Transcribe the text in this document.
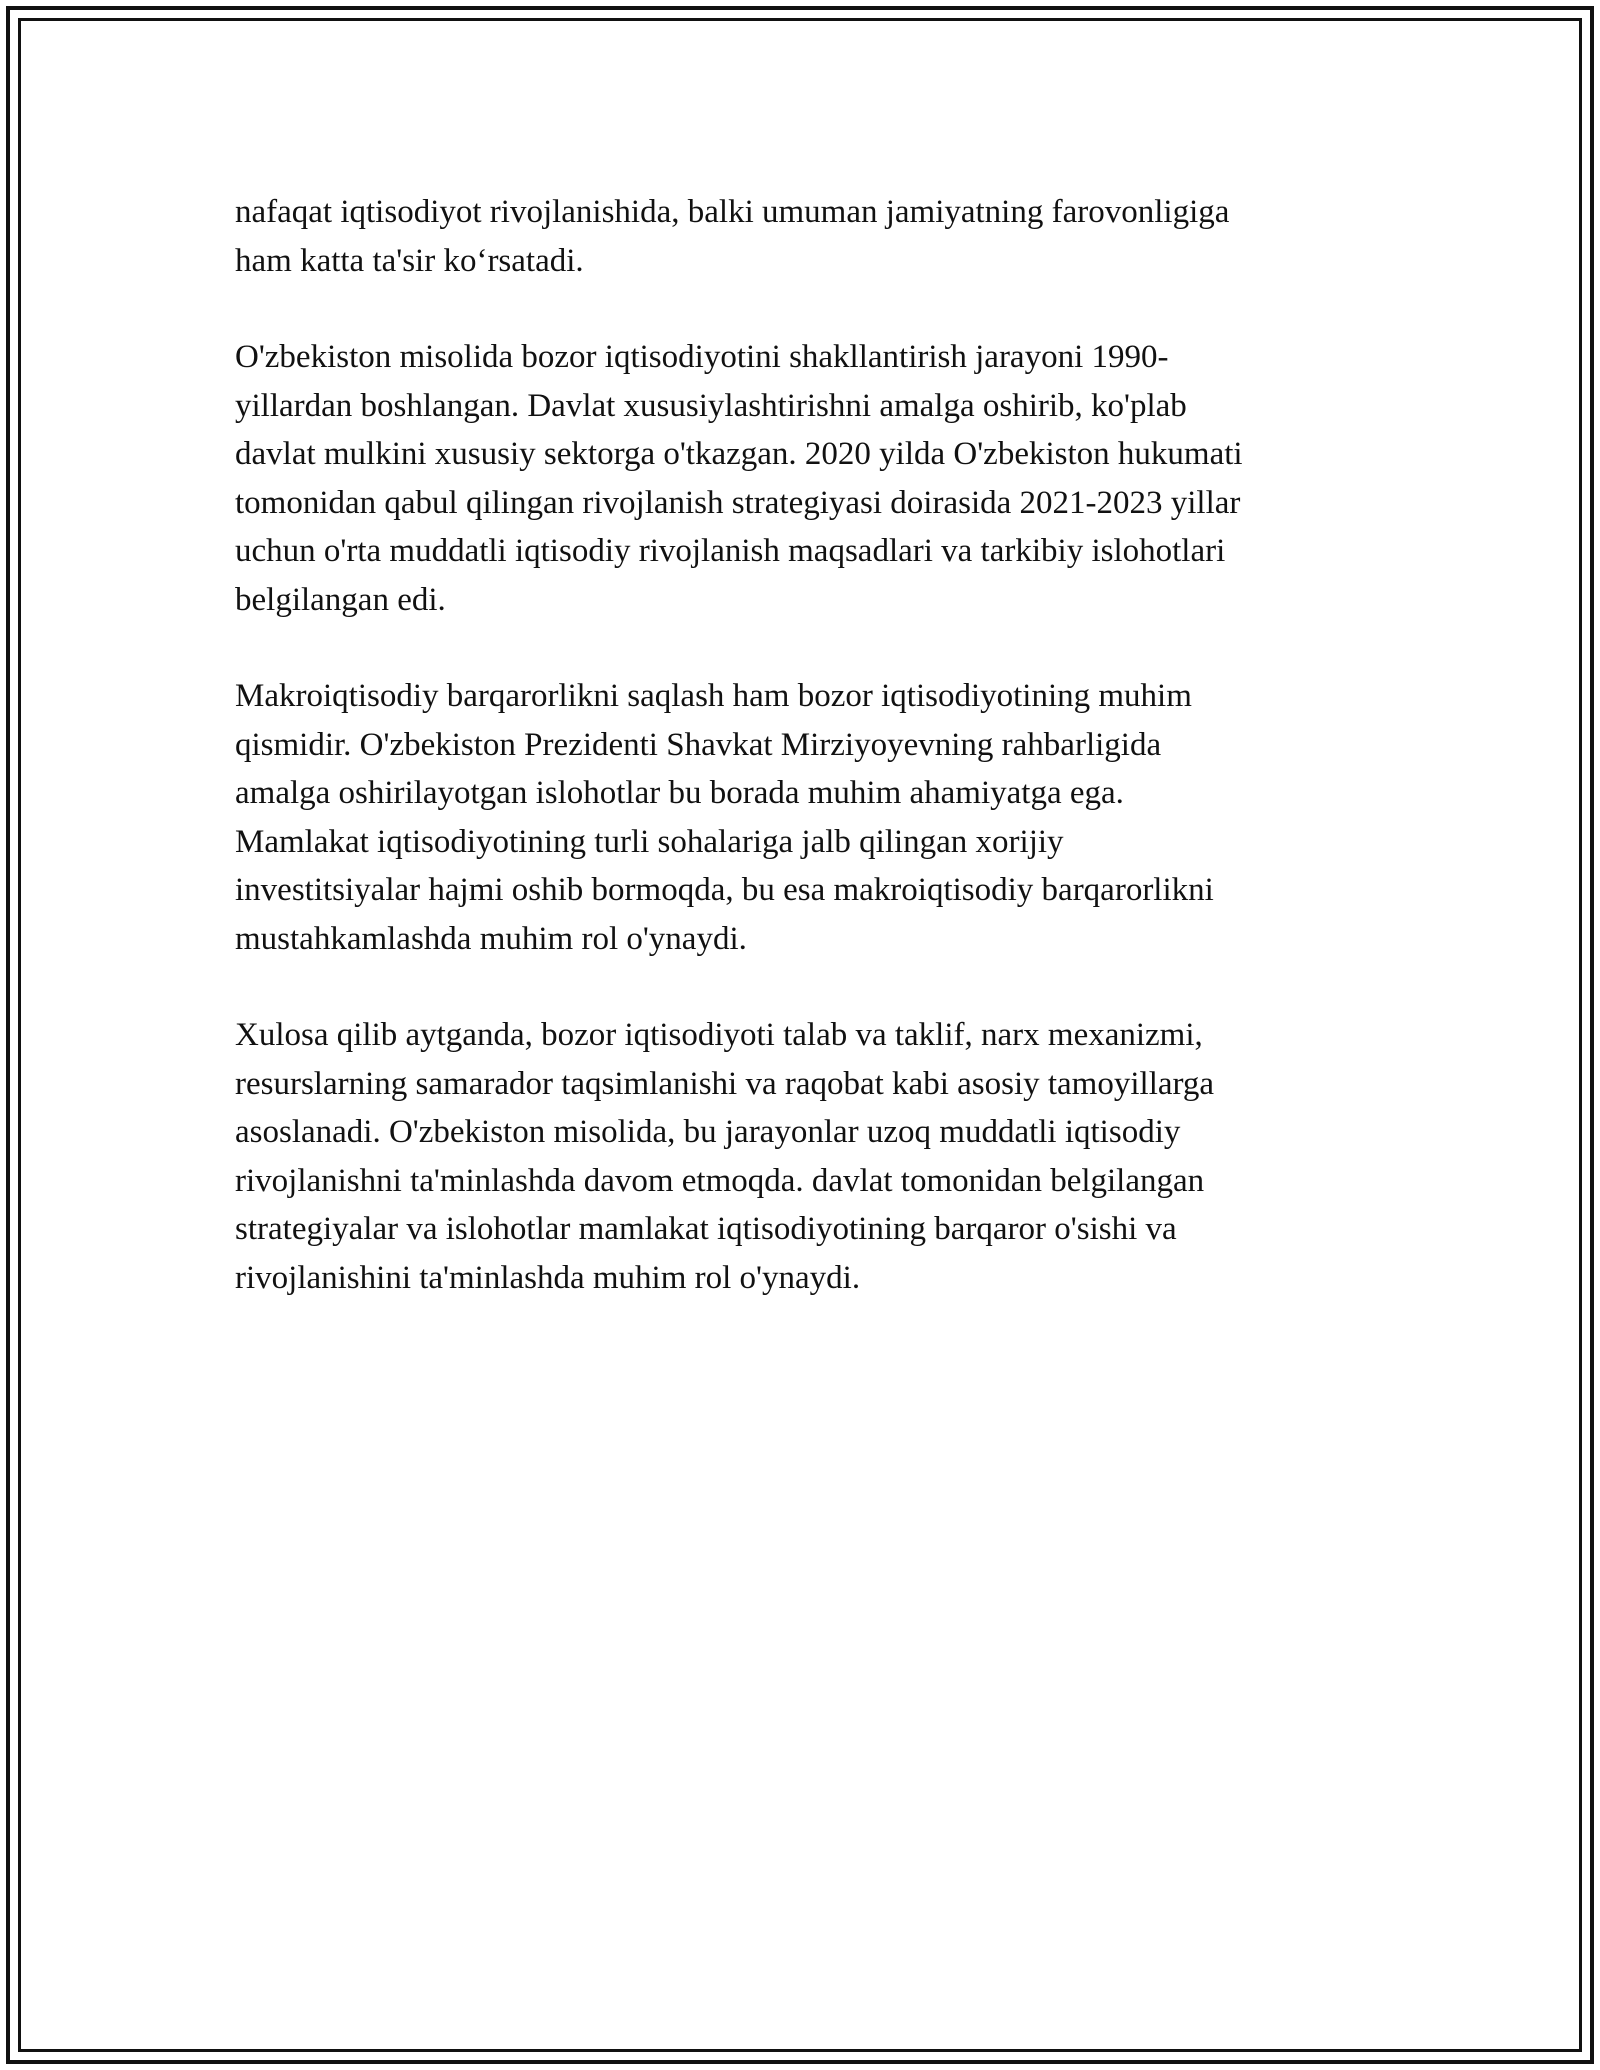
nafaqat iqtisodiyot rivojlanishida, balki umuman jamiyatning farovonligiga
ham katta ta'sir ko‘rsatadi.

O'zbekiston misolida bozor iqtisodiyotini shakllantirish jarayoni 1990-
yillardan boshlangan. Davlat xususiylashtirishni amalga oshirib, ko'plab
davlat mulkini xususiy sektorga o'tkazgan. 2020 yilda O'zbekiston hukumati
tomonidan qabul qilingan rivojlanish strategiyasi doirasida 2021-2023 yillar
uchun o'rta muddatli iqtisodiy rivojlanish maqsadlari va tarkibiy islohotlari
belgilangan edi.

Makroiqtisodiy barqarorlikni saqlash ham bozor iqtisodiyotining muhim
qismidir. O'zbekiston Prezidenti Shavkat Mirziyoyevning rahbarligida
amalga oshirilayotgan islohotlar bu borada muhim ahamiyatga ega.
Mamlakat iqtisodiyotining turli sohalariga jalb qilingan xorijiy
investitsiyalar hajmi oshib bormoqda, bu esa makroiqtisodiy barqarorlikni
mustahkamlashda muhim rol o'ynaydi.

Xulosa qilib aytganda, bozor iqtisodiyoti talab va taklif, narx mexanizmi,
resurslarning samarador taqsimlanishi va raqobat kabi asosiy tamoyillarga
asoslanadi. O'zbekiston misolida, bu jarayonlar uzoq muddatli iqtisodiy
rivojlanishni ta'minlashda davom etmoqda. davlat tomonidan belgilangan
strategiyalar va islohotlar mamlakat iqtisodiyotining barqaror o'sishi va
rivojlanishini ta'minlashda muhim rol o'ynaydi.
